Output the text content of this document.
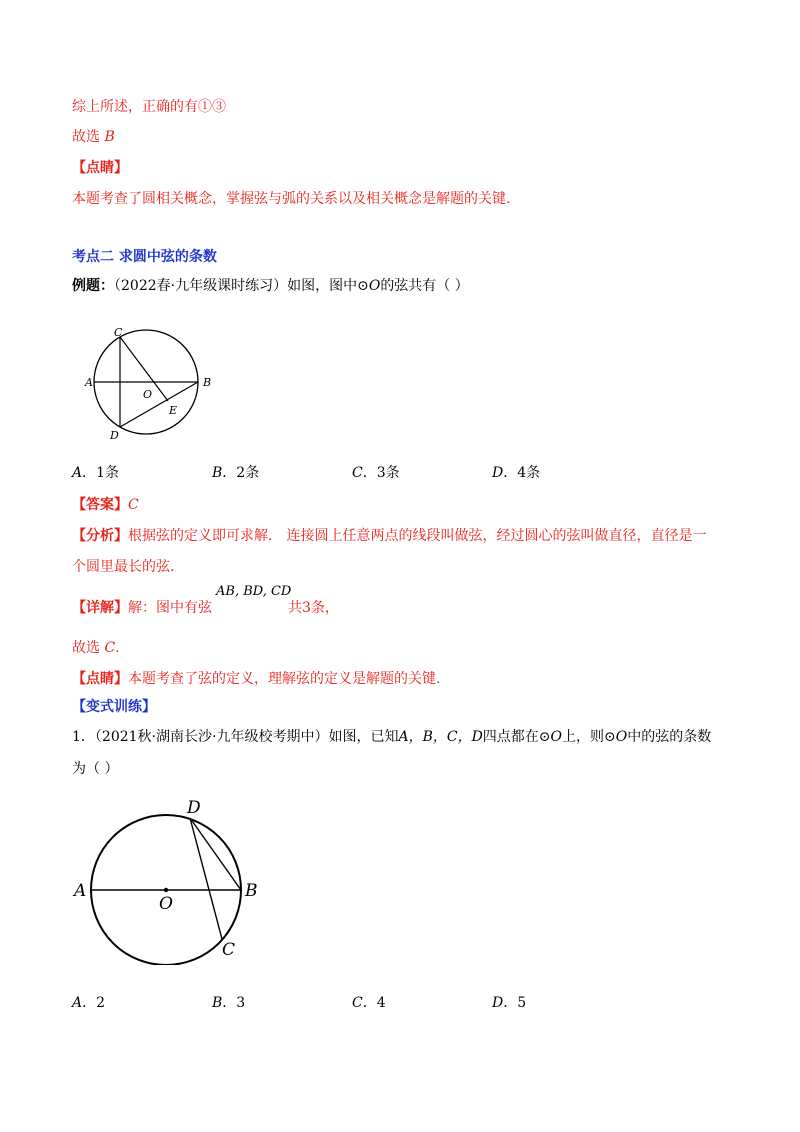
综上所述，正确的有①③
故选 B
【点睛】
本题考查了圆相关概念，掌握弦与弧的关系以及相关概念是解题的关键.
考点二 求圆中弦的条数
例题：（2022春·九年级课时练习）如图，图中⊙O的弦共有（ ）
C
A
O
E
B
D
A．1条	B．2条	C．3条	D．4条
【答案】C
【分析】根据弦的定义即可求解． 连接圆上任意两点的线段叫做弦，经过圆心的弦叫做直径，直径是一
个圆里最长的弦.
【详解】解：图中有弦
AB, BD, CD
共3条，
故选 C.
【点睛】本题考查了弦的定义，理解弦的定义是解题的关键.
【变式训练】
1．（2021秋·湖南长沙·九年级校考期中）如图，已知A，B，C，D四点都在⊙O上，则⊙O中的弦的条数
为（ ）
D
A
O
B
C
A．2	B．3	C．4	D．5
